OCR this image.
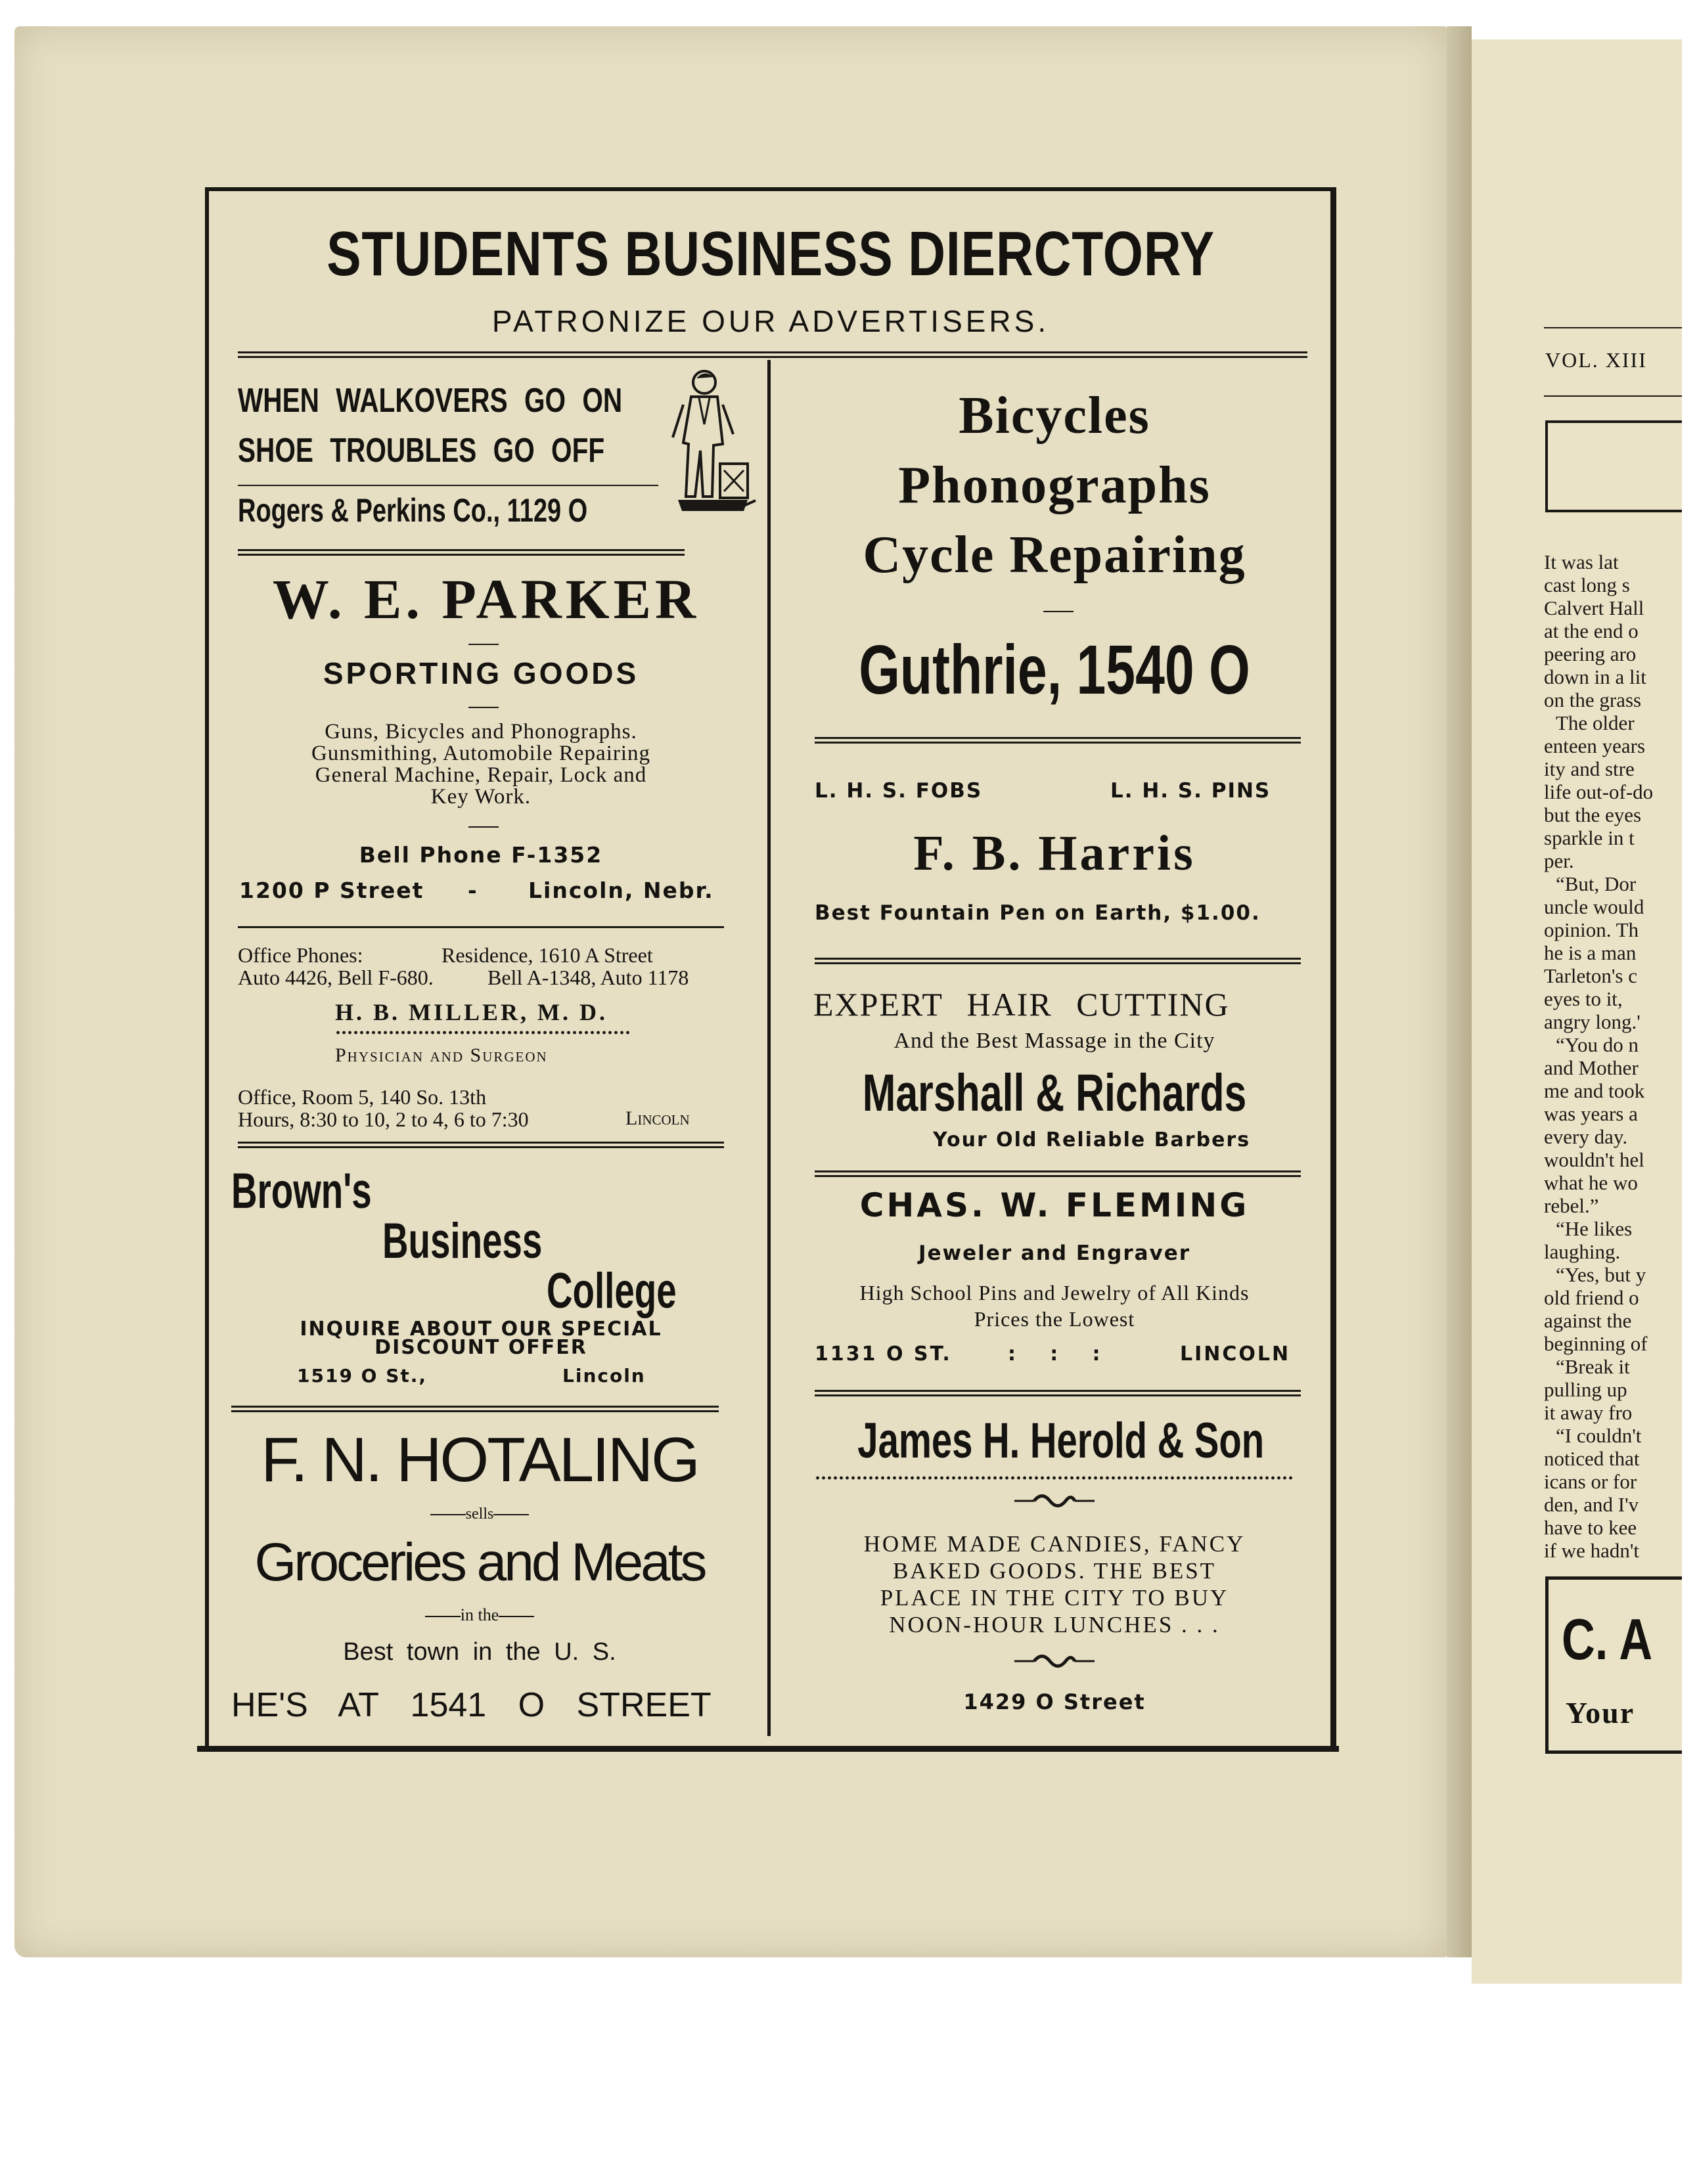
STUDENTS BUSINESS DIERCTORY
PATRONIZE OUR ADVERTISERS.
WHEN WALKOVERS GO ON
SHOE TROUBLES GO OFF
Rogers & Perkins Co., 1129 O
W. E. PARKER
SPORTING GOODS
Guns, Bicycles and Phonographs.
Gunsmithing, Automobile Repairing
General Machine, Repair, Lock and
Key Work.
Bell Phone F-1352
1200 P Street - Lincoln, Nebr.
Office Phones:	Residence, 1610 A Street
Auto 4426, Bell F-680.	Bell A-1348, Auto 1178
H. B. MILLER, M. D.
Physician and Surgeon
Office, Room 5, 140 So. 13th
Hours, 8:30 to 10, 2 to 4, 6 to 7:30	Lincoln
Brown's
Business
College
INQUIRE ABOUT OUR SPECIAL
DISCOUNT OFFER
1519 O St.,	Lincoln
F. N. HOTALING
sells
Groceries and Meats
in the
Best town in the U. S.
HE'S AT 1541 O STREET
Bicycles
Phonographs
Cycle Repairing
Guthrie, 1540 O
L. H. S. FOBS	L. H. S. PINS
F. B. Harris
Best Fountain Pen on Earth, $1.00.
EXPERT HAIR CUTTING
And the Best Massage in the City
Marshall & Richards
Your Old Reliable Barbers
CHAS. W. FLEMING
Jeweler and Engraver
High School Pins and Jewelry of All Kinds
Prices the Lowest
1131 O ST.	:     :     :	LINCOLN
James H. Herold & Son
HOME MADE CANDIES, FANCY
BAKED GOODS. THE BEST
PLACE IN THE CITY TO BUY
NOON-HOUR LUNCHES . . .
1429 O Street
VOL. XIII
C. A
Your
It was lat
cast long s
Calvert Hall
at the end o
peering aro
down in a lit
on the grass
The older
enteen years
ity and stre
life out-of-do
but the eyes
sparkle in t
per.
“But, Dor
uncle would
opinion. Th
he is a man
Tarleton's c
eyes to it,
angry long.'
“You do n
and Mother
me and took
was years a
every day.
wouldn't hel
what he wo
rebel.”
“He likes
laughing.
“Yes, but y
old friend o
against the
beginning of
“Break it
pulling up
it away fro
“I couldn't
noticed that
icans or for
den, and I'v
have to kee
if we hadn't
